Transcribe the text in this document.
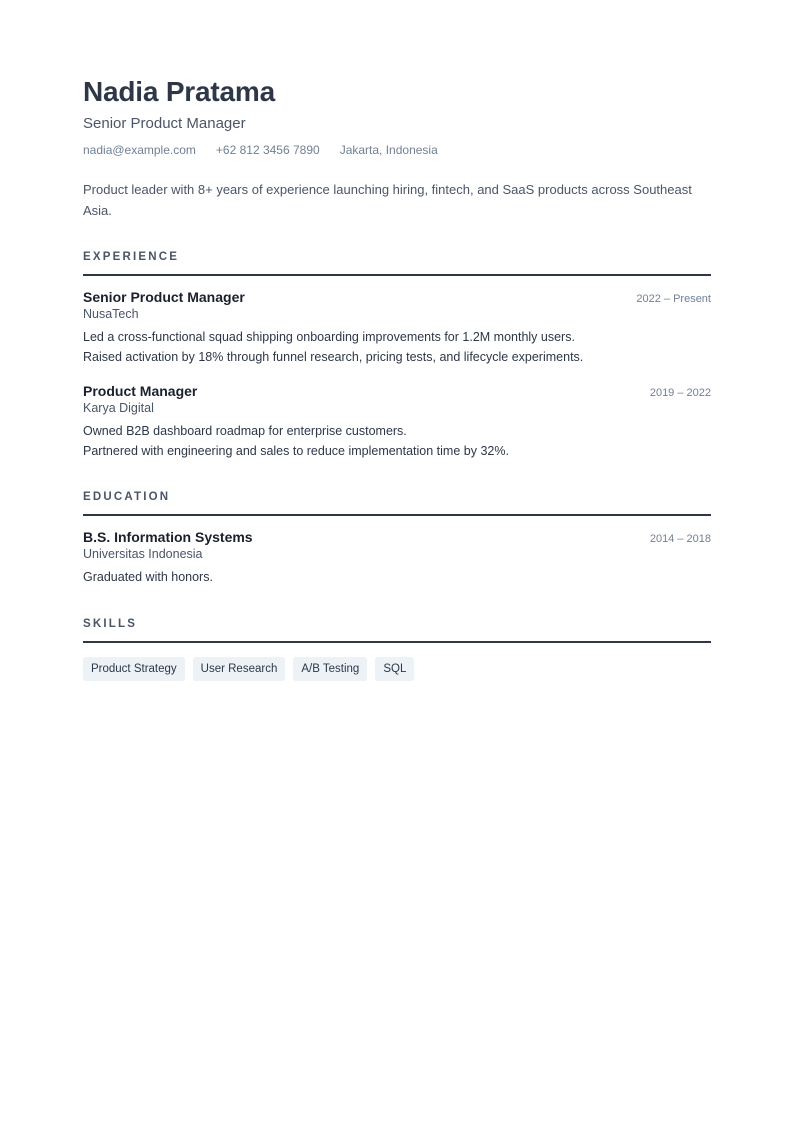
Nadia Pratama
Senior Product Manager
nadia@example.com +62 812 3456 7890 Jakarta, Indonesia
Product leader with 8+ years of experience launching hiring, fintech, and SaaS products across Southeast Asia.
EXPERIENCE
Senior Product Manager	2022 – Present
NusaTech
Led a cross-functional squad shipping onboarding improvements for 1.2M monthly users.
Raised activation by 18% through funnel research, pricing tests, and lifecycle experiments.
Product Manager	2019 – 2022
Karya Digital
Owned B2B dashboard roadmap for enterprise customers.
Partnered with engineering and sales to reduce implementation time by 32%.
EDUCATION
B.S. Information Systems	2014 – 2018
Universitas Indonesia
Graduated with honors.
SKILLS
Product Strategy	User Research	A/B Testing	SQL
